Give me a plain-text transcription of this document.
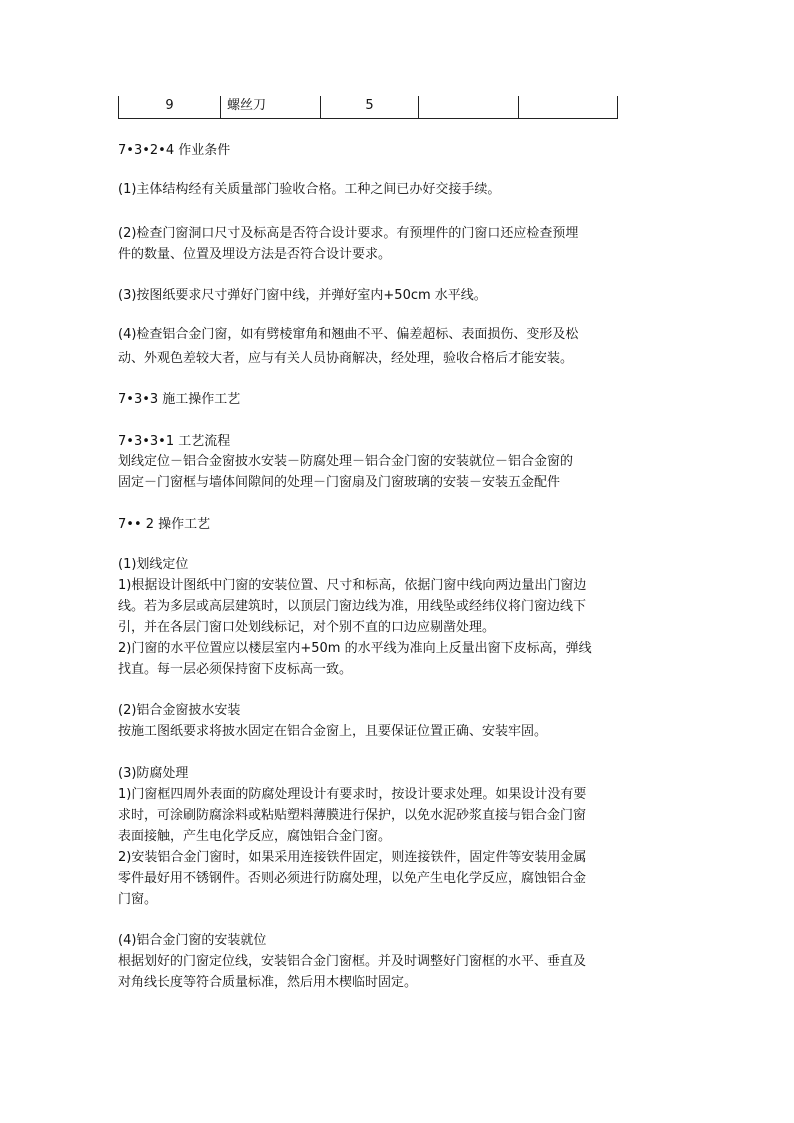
9	螺丝刀	5
7•3•2•4 作业条件
(1)主体结构经有关质量部门验收合格。工种之间已办好交接手续。
(2)检查门窗洞口尺寸及标高是否符合设计要求。有预埋件的门窗口还应检查预埋
件的数量、位置及埋设方法是否符合设计要求。
(3)按图纸要求尺寸弹好门窗中线，并弹好室内+50cm 水平线。
(4)检查铝合金门窗，如有劈棱窜角和翘曲不平、偏差超标、表面损伤、变形及松
动、外观色差较大者，应与有关人员协商解决，经处理，验收合格后才能安装。
7•3•3 施工操作工艺
7•3•3•1 工艺流程
划线定位－铝合金窗披水安装－防腐处理－铝合金门窗的安装就位－铝合金窗的
固定－门窗框与墙体间隙间的处理－门窗扇及门窗玻璃的安装－安装五金配件
7•• 2 操作工艺
(1)划线定位
1)根据设计图纸中门窗的安装位置、尺寸和标高，依据门窗中线向两边量出门窗边
线。若为多层或高层建筑时，以顶层门窗边线为准，用线坠或经纬仪将门窗边线下
引，并在各层门窗口处划线标记，对个别不直的口边应剔凿处理。
2)门窗的水平位置应以楼层室内+50m 的水平线为准向上反量出窗下皮标高，弹线
找直。每一层必须保持窗下皮标高一致。
(2)铝合金窗披水安装
按施工图纸要求将披水固定在铝合金窗上，且要保证位置正确、安装牢固。
(3)防腐处理
1)门窗框四周外表面的防腐处理设计有要求时，按设计要求处理。如果设计没有要
求时，可涂刷防腐涂料或粘贴塑料薄膜进行保护，以免水泥砂浆直接与铝合金门窗
表面接触，产生电化学反应，腐蚀铝合金门窗。
2)安装铝合金门窗时，如果采用连接铁件固定，则连接铁件，固定件等安装用金属
零件最好用不锈钢件。否则必须进行防腐处理，以免产生电化学反应，腐蚀铝合金
门窗。
(4)铝合金门窗的安装就位
根据划好的门窗定位线，安装铝合金门窗框。并及时调整好门窗框的水平、垂直及
对角线长度等符合质量标准，然后用木楔临时固定。
